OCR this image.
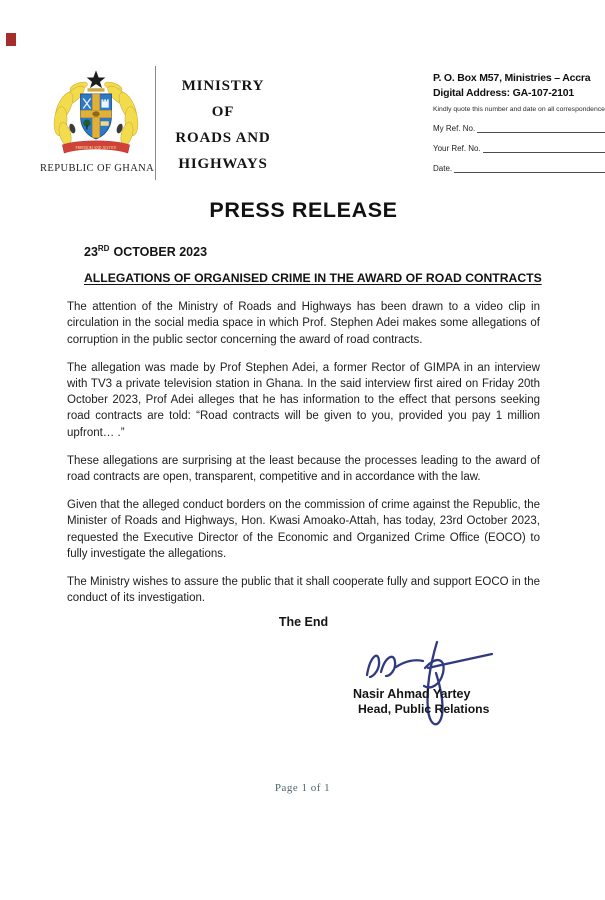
FREEDOM AND JUSTICE
REPUBLIC OF GHANA
MINISTRY
OF
ROADS AND
HIGHWAYS
P. O. Box M57, Ministries – Accra
Digital Address: GA-107-2101
Kindly quote this number and date on all correspondence
My Ref. No.
Your Ref. No.
Date.
PRESS RELEASE
23RD OCTOBER 2023
ALLEGATIONS OF ORGANISED CRIME IN THE AWARD OF ROAD CONTRACTS

The attention of the Ministry of Roads and Highways has been drawn to a video clip in circulation in the social media space in which Prof. Stephen Adei makes some allegations of corruption in the public sector concerning the award of road contracts.

The allegation was made by Prof Stephen Adei, a former Rector of GIMPA in an interview with TV3 a private television station in Ghana. In the said interview first aired on Friday 20th October 2023, Prof Adei alleges that he has information to the effect that persons seeking road contracts are told: “Road contracts will be given to you, provided you pay 1 million upfront… .”

These allegations are surprising at the least because the processes leading to the award of road contracts are open, transparent, competitive and in accordance with the law.

Given that the alleged conduct borders on the commission of crime against the Republic, the Minister of Roads and Highways, Hon. Kwasi Amoako-Attah, has today, 23rd October 2023, requested the Executive Director of the Economic and Organized Crime Office (EOCO) to fully investigate the allegations.

The Ministry wishes to assure the public that it shall cooperate fully and support EOCO in the conduct of its investigation.

The End
Nasir Ahmad Yartey
Head, Public Relations
Page 1 of 1
